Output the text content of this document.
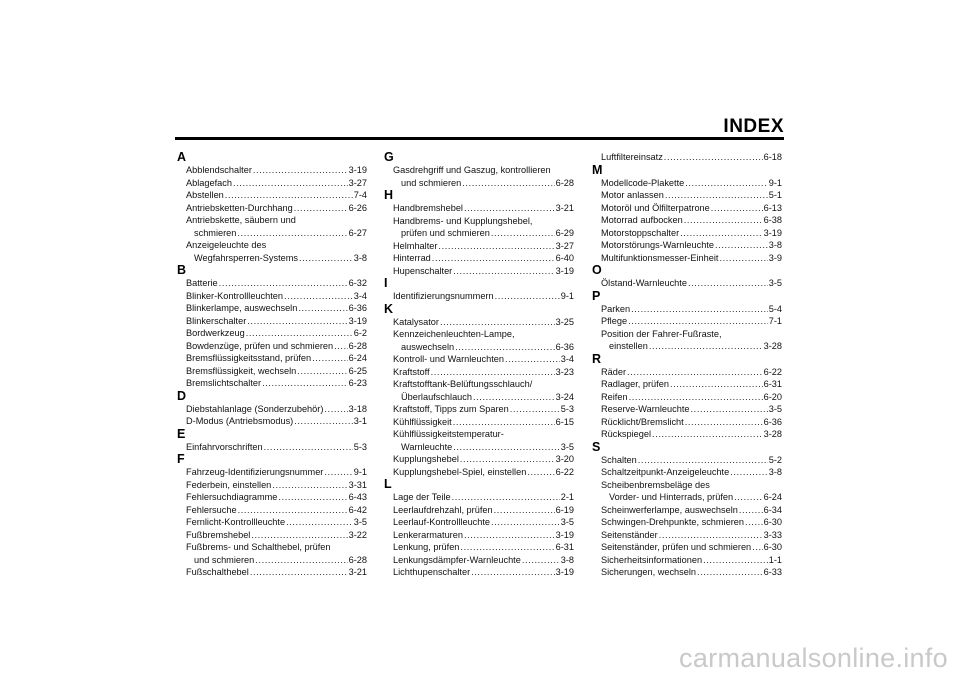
INDEX
A
Abblendschalter .....	3-19
Ablagefach .....	3-27
Abstellen .....	7-4
Antriebsketten-Durchhang .....	6-26
Antriebskette, säubern und
schmieren .....	6-27
Anzeigeleuchte des
Wegfahrsperren-Systems .....	3-8
B
Batterie .....	6-32
Blinker-Kontrollleuchten .....	3-4
Blinkerlampe, auswechseln .....	6-36
Blinkerschalter .....	3-19
Bordwerkzeug .....	6-2
Bowdenzüge, prüfen und schmieren ..... 6-28
Bremsflüssigkeitsstand, prüfen .....	6-24
Bremsflüssigkeit, wechseln .....	6-25
Bremslichtschalter .....	6-23
D
Diebstahlanlage (Sonderzubehör) .....	3-18
D-Modus (Antriebsmodus) .....	3-1
E
Einfahrvorschriften .....	5-3
F
Fahrzeug-Identifizierungsnummer .....	9-1
Federbein, einstellen .....	3-31
Fehlersuchdiagramme .....	6-43
Fehlersuche .....	6-42
Fernlicht-Kontrollleuchte .....	3-5
Fußbremshebel .....	3-22
Fußbrems- und Schalthebel, prüfen
und schmieren .....	6-28
Fußschalthebel .....	3-21
G
Gasdrehgriff und Gaszug, kontrollieren
und schmieren .....	6-28
H
Handbremshebel .....	3-21
Handbrems- und Kupplungshebel,
prüfen und schmieren .....	6-29
Helmhalter .....	3-27
Hinterrad .....	6-40
Hupenschalter .....	3-19
I
Identifizierungsnummern .....	9-1
K
Katalysator .....	3-25
Kennzeichenleuchten-Lampe,
auswechseln .....	6-36
Kontroll- und Warnleuchten .....	3-4
Kraftstoff .....	3-23
Kraftstofftank-Belüftungsschlauch/
Überlaufschlauch .....	3-24
Kraftstoff, Tipps zum Sparen .....	5-3
Kühlflüssigkeit .....	6-15
Kühlflüssigkeitstemperatur-
Warnleuchte .....	3-5
Kupplungshebel .....	3-20
Kupplungshebel-Spiel, einstellen .....	6-22
L
Lage der Teile .....	2-1
Leerlaufdrehzahl, prüfen .....	6-19
Leerlauf-Kontrollleuchte .....	3-5
Lenkerarmaturen .....	3-19
Lenkung, prüfen .....	6-31
Lenkungsdämpfer-Warnleuchte .....	3-8
Lichthupenschalter .....	3-19
Luftfiltereinsatz .....	6-18
M
Modellcode-Plakette .....	9-1
Motor anlassen .....	5-1
Motoröl und Ölfilterpatrone .....	6-13
Motorrad aufbocken .....	6-38
Motorstoppschalter .....	3-19
Motorstörungs-Warnleuchte .....	3-8
Multifunktionsmesser-Einheit .....	3-9
O
Ölstand-Warnleuchte .....	3-5
P
Parken .....	5-4
Pflege .....	7-1
Position der Fahrer-Fußraste,
einstellen .....	3-28
R
Räder .....	6-22
Radlager, prüfen .....	6-31
Reifen .....	6-20
Reserve-Warnleuchte .....	3-5
Rücklicht/Bremslicht .....	6-36
Rückspiegel .....	3-28
S
Schalten .....	5-2
Schaltzeitpunkt-Anzeigeleuchte .....	3-8
Scheibenbremsbeläge des
Vorder- und Hinterrads, prüfen .....	6-24
Scheinwerferlampe, auswechseln .....	6-34
Schwingen-Drehpunkte, schmieren ..... 6-30
Seitenständer .....	3-33
Seitenständer, prüfen und schmieren ..... 6-30
Sicherheitsinformationen .....	1-1
Sicherungen, wechseln .....	6-33
carmanualsonline.info
